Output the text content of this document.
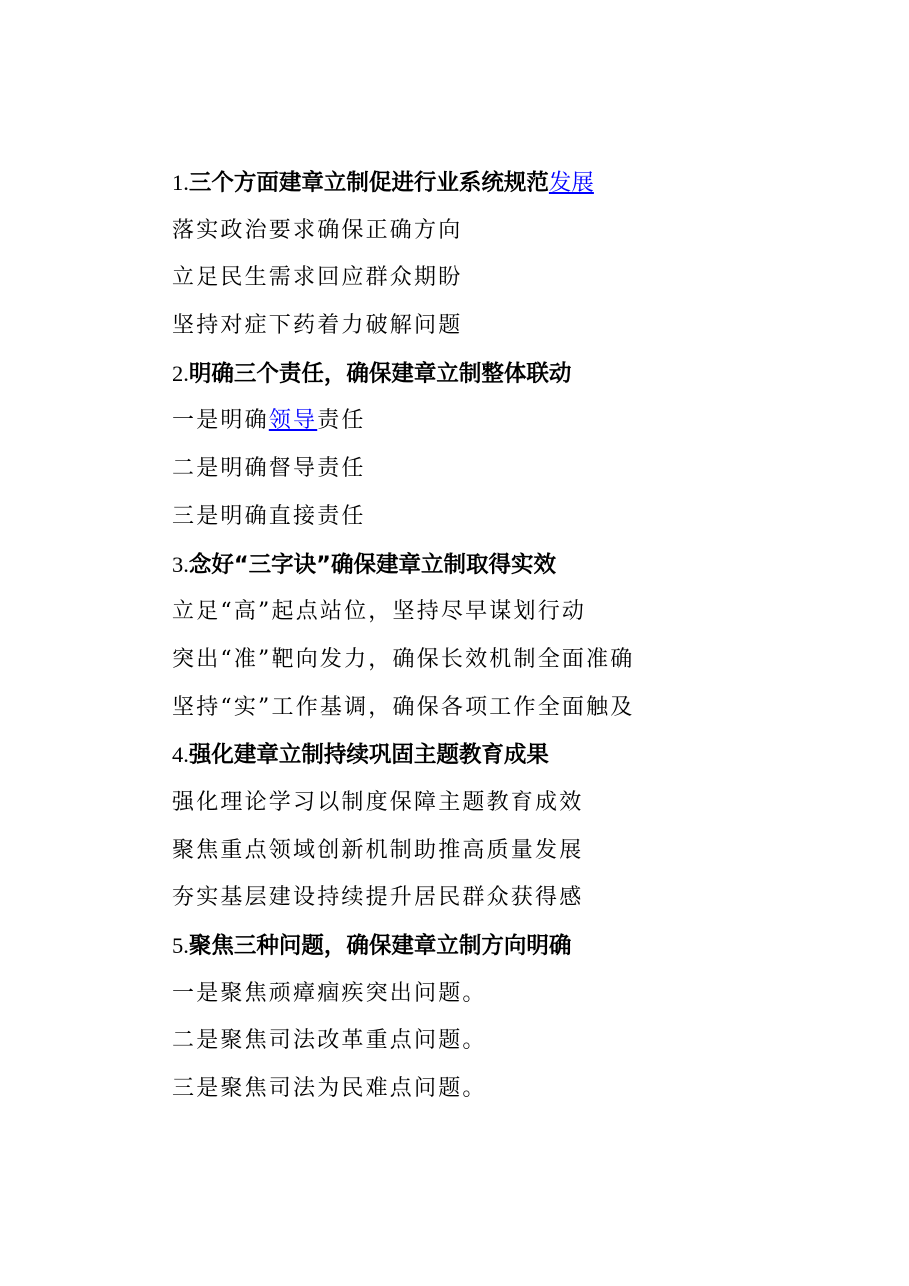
1.三个方面建章立制促进行业系统规范发展
落实政治要求确保正确方向
立足民生需求回应群众期盼
坚持对症下药着力破解问题
2.明确三个责任，确保建章立制整体联动
一是明确领导责任
二是明确督导责任
三是明确直接责任
3.念好“三字诀”确保建章立制取得实效
立足“高”起点站位，坚持尽早谋划行动
突出“准”靶向发力，确保长效机制全面准确
坚持“实”工作基调，确保各项工作全面触及
4.强化建章立制持续巩固主题教育成果
强化理论学习以制度保障主题教育成效
聚焦重点领域创新机制助推高质量发展
夯实基层建设持续提升居民群众获得感
5.聚焦三种问题，确保建章立制方向明确
一是聚焦顽瘴痼疾突出问题。
二是聚焦司法改革重点问题。
三是聚焦司法为民难点问题。
